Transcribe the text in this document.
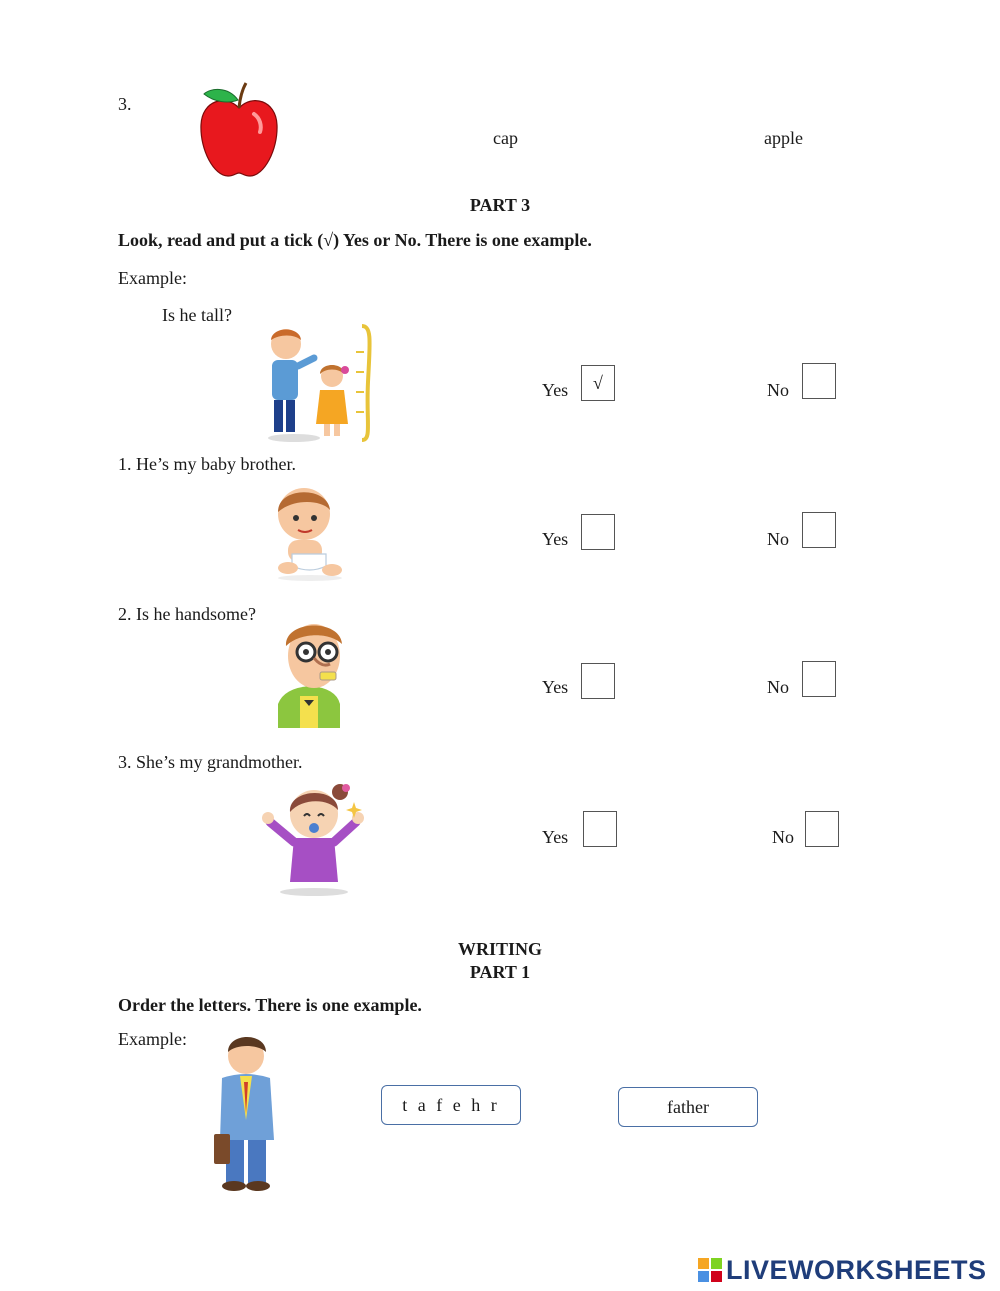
3.
cap	apple
PART 3
Look, read and put a tick (√) Yes or No. There is one example.
Example:
Is he tall?
Yes	√	No
1. He’s my baby brother.
Yes	No
2. Is he handsome?
Yes	No
3. She’s my grandmother.
Yes	No
WRITING
PART 1
Order the letters. There is one example.
Example:
t a f e h r	father
LIVEWORKSHEETS
